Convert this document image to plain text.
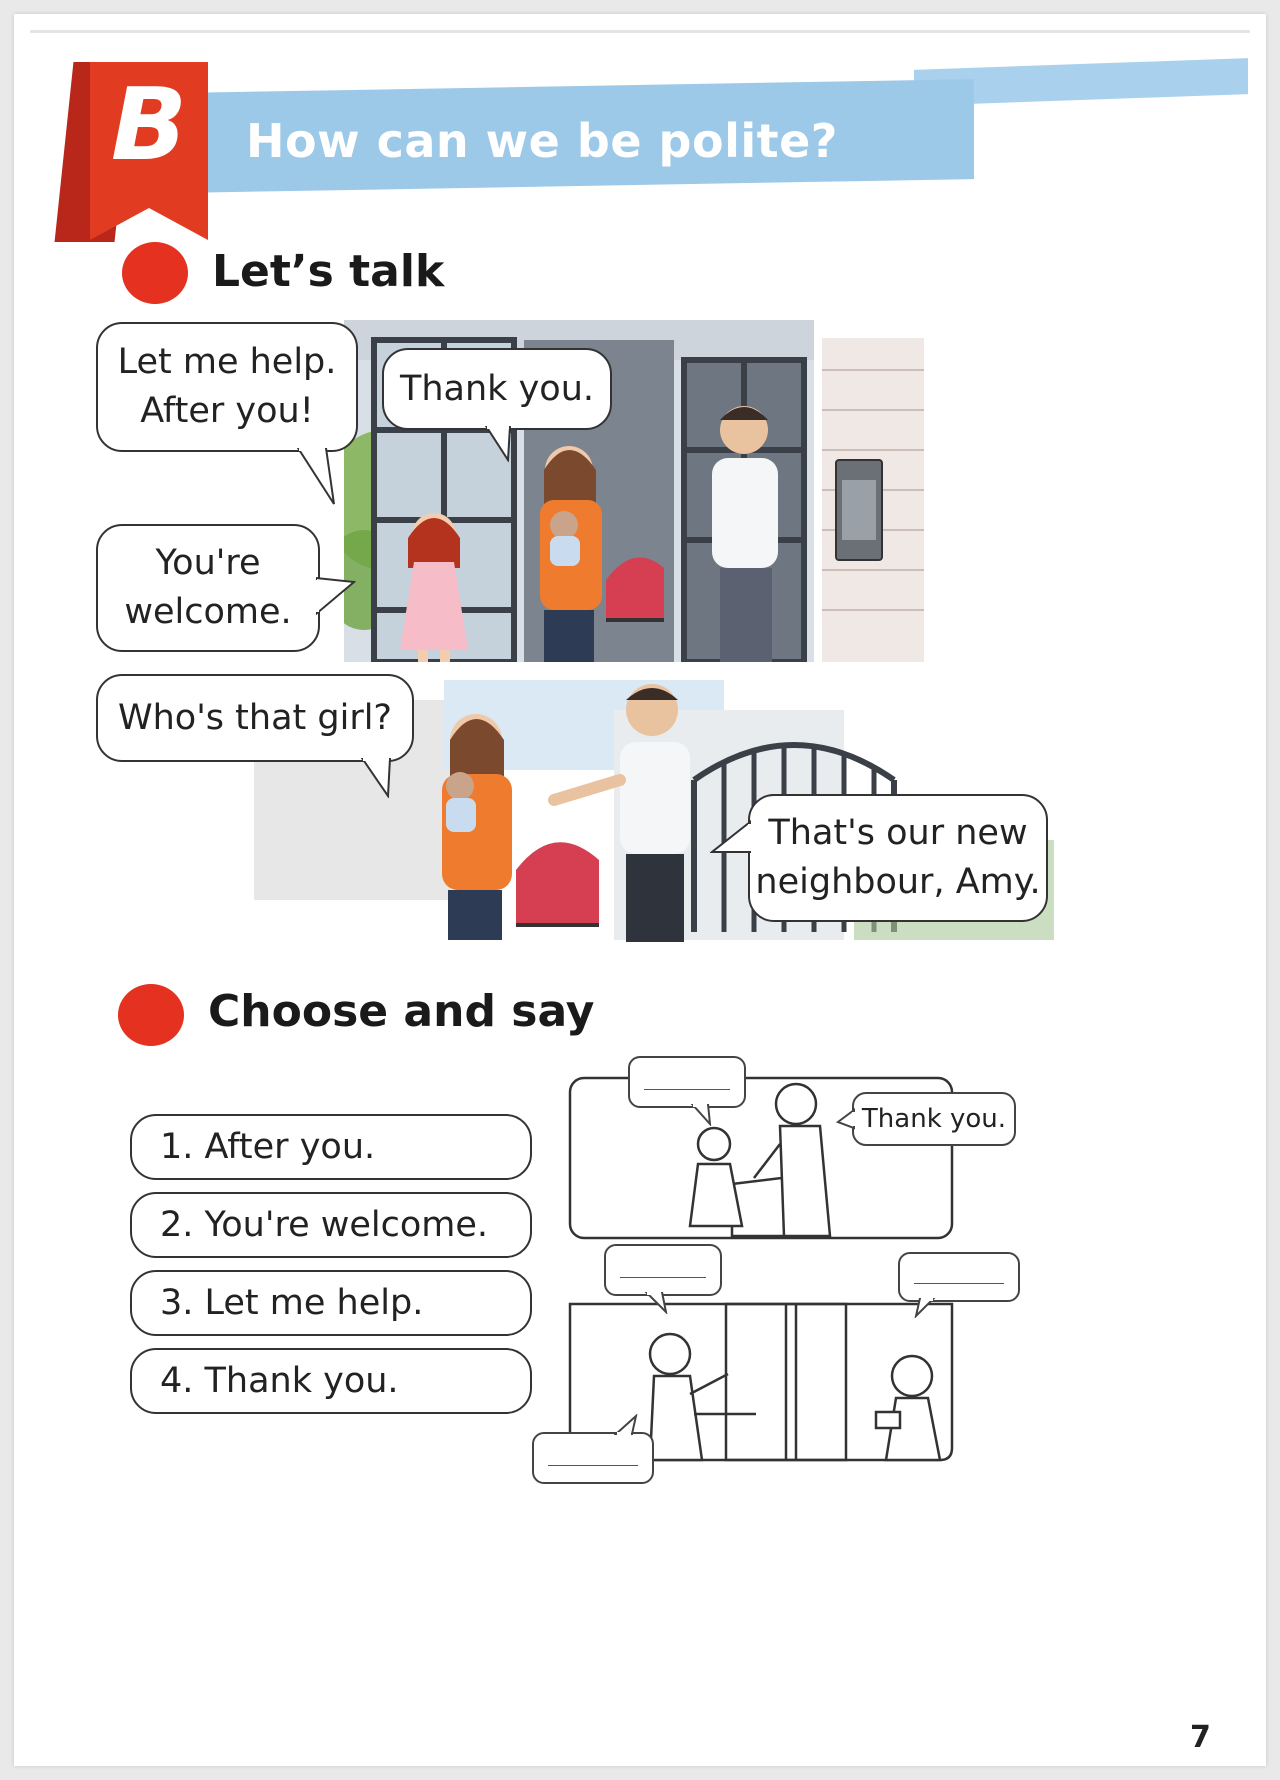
B	How can we be polite?
Let’s talk
Let me help.
After you!
Thank you.
You're
welcome.
Who's that girl?
That's our new
neighbour, Amy.
Choose and say
1. After you.
2. You're welcome.
3. Let me help.
4. Thank you.
Thank you.
7
